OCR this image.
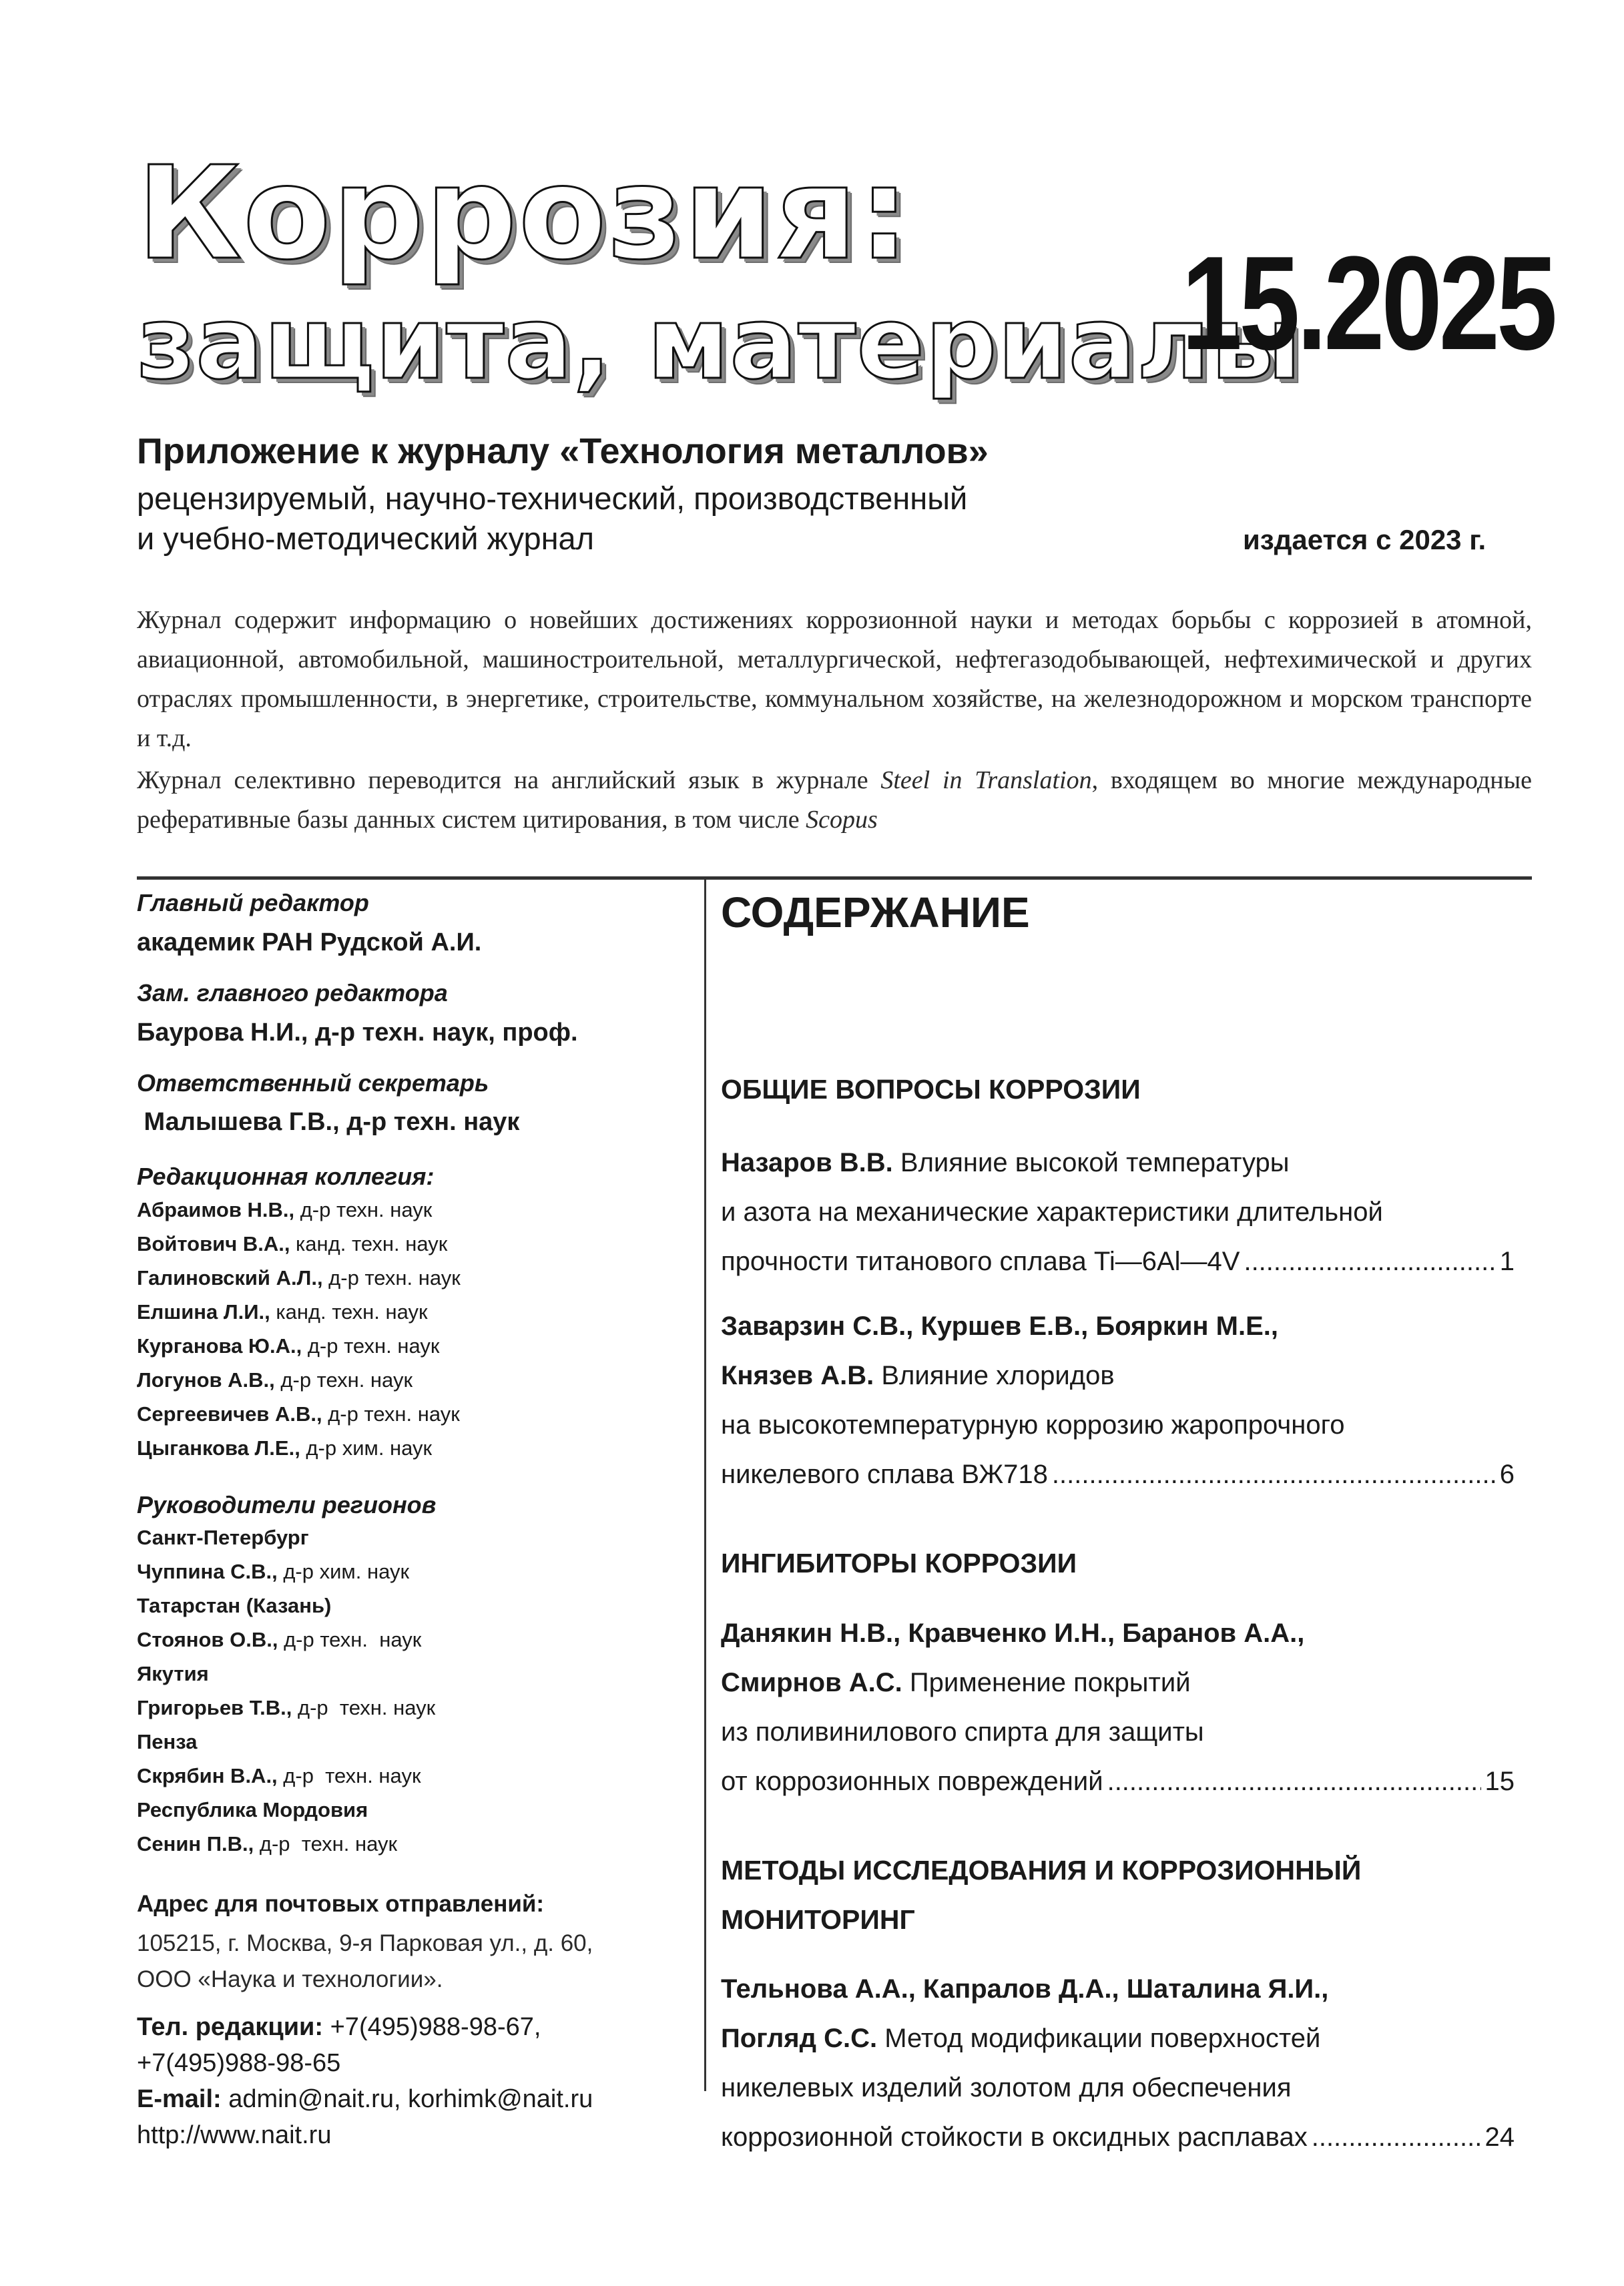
Коррозия:
защита, материалы
15.2025
Приложение к журналу «Технология металлов»
рецензируемый, научно-технический, производственный
и учебно-методический журнал	издается с 2023 г.
Журнал содержит информацию о новейших достижениях коррозионной науки и методах борьбы с коррозией в атомной, авиационной, автомобильной, машиностроительной, металлургической, нефтегазодобывающей, нефтехимической и других отраслях промышленности, в энергетике, строительстве, коммунальном хозяйстве, на железнодорожном и морском транспорте и т.д.
Журнал селективно переводится на английский язык в журнале Steel in Translation, входящем во многие международные реферативные базы данных систем цитирования, в том числе Scopus
Главный редактор
академик РАН Рудской А.И.
Зам. главного редактора
Баурова Н.И., д-р техн. наук, проф.
Ответственный секретарь
Малышева Г.В., д-р техн. наук
Редакционная коллегия:
Абраимов Н.В., д-р техн. наук
Войтович В.А., канд. техн. наук
Галиновский А.Л., д-р техн. наук
Елшина Л.И., канд. техн. наук
Курганова Ю.А., д-р техн. наук
Логунов А.В., д-р техн. наук
Сергеевичев А.В., д-р техн. наук
Цыганкова Л.Е., д-р хим. наук
Руководители регионов
Санкт-Петербург
Чуппина С.В., д-р хим. наук
Татарстан (Казань)
Стоянов О.В., д-р техн.  наук
Якутия
Григорьев Т.В., д-р  техн. наук
Пенза
Скрябин В.А., д-р  техн. наук
Республика Мордовия
Сенин П.В., д-р  техн. наук
Адрес для почтовых отправлений:
105215, г. Москва, 9-я Парковая ул., д. 60,
ООО «Наука и технологии».
Тел. редакции: +7(495)988-98-67,
+7(495)988-98-65
E-mail: admin@nait.ru, korhimk@nait.ru
http://www.nait.ru
СОДЕРЖАНИЕ
ОБЩИЕ ВОПРОСЫ КОРРОЗИИ
Назаров В.В. Влияние высокой температуры
и азота на механические характеристики длительной
прочности титанового сплава Ti—6Al—4V .....	1
Заварзин С.В., Куршев Е.В., Бояркин М.Е.,
Князев А.В. Влияние хлоридов
на высокотемпературную коррозию жаропрочного
никелевого сплава ВЖ718 .....	6
ИНГИБИТОРЫ КОРРОЗИИ
Данякин Н.В., Кравченко И.Н., Баранов А.А.,
Смирнов А.С. Применение покрытий
из поливинилового спирта для защиты
от коррозионных повреждений .....	15
МЕТОДЫ ИССЛЕДОВАНИЯ И КОРРОЗИОННЫЙ
МОНИТОРИНГ
Тельнова А.А., Капралов Д.А., Шаталина Я.И.,
Погляд С.С. Метод модификации поверхностей
никелевых изделий золотом для обеспечения
коррозионной стойкости в оксидных расплавах .....	24
